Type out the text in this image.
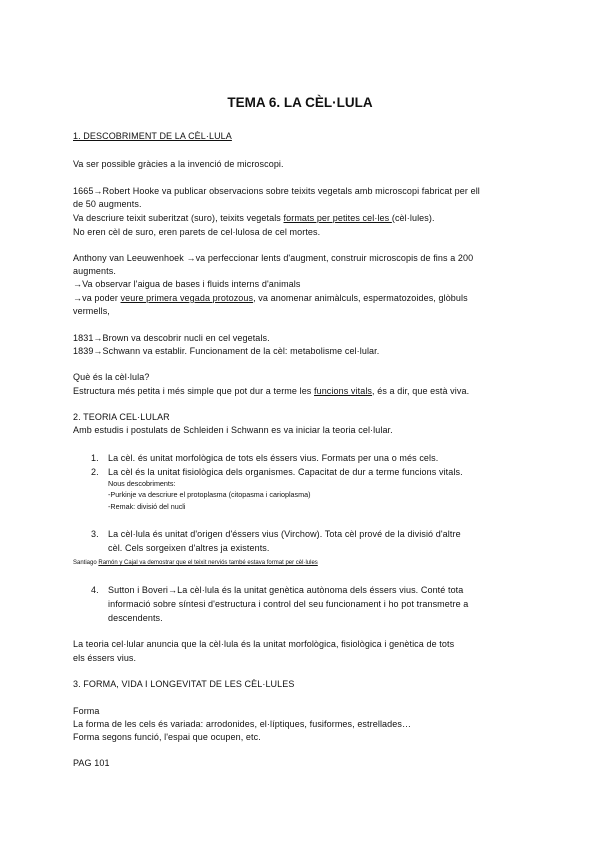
TEMA 6. LA CÈL·LULA
1. DESCOBRIMENT DE LA CÈL·LULA
Va ser possible gràcies a la invenció de microscopi.
1665→Robert Hooke va publicar observacions sobre teixits vegetals amb microscopi fabricat per ell
de 50 augments.
Va descriure teixit suberitzat (suro), teixits vegetals formats per petites cel·les (cèl·lules).
No eren cèl de suro, eren parets de cel·lulosa de cel mortes.
Anthony van Leeuwenhoek →va perfeccionar lents d'augment, construir microscopis de fins a 200
augments.
→Va observar l'aigua de bases i fluids interns d'animals
→va poder veure primera vegada protozous, va anomenar animàlculs, espermatozoides, glòbuls
vermells,
1831→Brown va descobrir nucli en cel vegetals.
1839→Schwann va establir. Funcionament de la cèl: metabolisme cel·lular.
Què és la cèl·lula?
Estructura més petita i més simple que pot dur a terme les funcions vitals, és a dir, que està viva.
2. TEORIA CEL·LULAR
Amb estudis i postulats de Schleiden i Schwann es va iniciar la teoria cel·lular.
1. La cèl. és unitat morfològica de tots els éssers vius. Formats per una o més cels.
2. La cèl és la unitat fisiològica dels organismes. Capacitat de dur a terme funcions vitals.
Nous descobriments:
-Purkinje va descriure el protoplasma (citopasma i carioplasma)
-Remak: divisió del nucli
3. La cèl·lula és unitat d'origen d'éssers vius (Virchow). Tota cèl prové de la divisió d'altre
cèl. Cels sorgeixen d'altres ja existents.
Santiago Ramón y Cajal va demostrar que el teixit nerviós també estava format per cèl·lules
4. Sutton i Boveri→La cèl·lula és la unitat genètica autònoma dels éssers vius. Conté tota
informació sobre síntesi d'estructura i control del seu funcionament i ho pot transmetre a
descendents.
La teoria cel·lular anuncia que la cèl·lula és la unitat morfològica, fisiològica i genètica de tots
els éssers vius.
3. FORMA, VIDA I LONGEVITAT DE LES CÈL·LULES
Forma
La forma de les cels és variada: arrodonides, el·líptiques, fusiformes, estrellades…
Forma segons funció, l'espai que ocupen, etc.
PAG 101
